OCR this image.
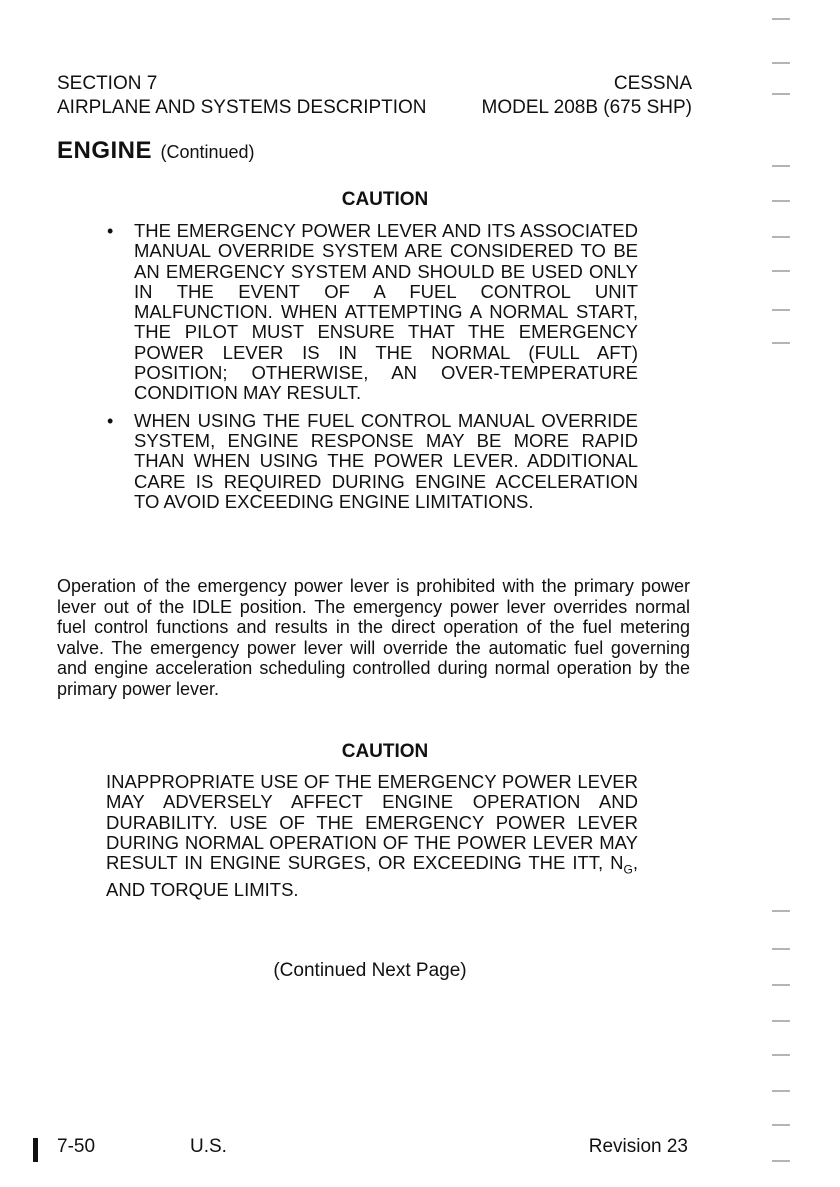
SECTION 7	CESSNA
AIRPLANE AND SYSTEMS DESCRIPTION	MODEL 208B (675 SHP)
ENGINE (Continued)
CAUTION
• THE EMERGENCY POWER LEVER AND ITS ASSOCIATED MANUAL OVERRIDE SYSTEM ARE CONSIDERED TO BE AN EMERGENCY SYSTEM AND SHOULD BE USED ONLY IN THE EVENT OF A FUEL CONTROL UNIT MALFUNCTION. WHEN ATTEMPTING A NORMAL START, THE PILOT MUST ENSURE THAT THE EMERGENCY POWER LEVER IS IN THE NORMAL (FULL AFT) POSITION; OTHERWISE, AN OVER-TEMPERATURE CONDITION MAY RESULT.
• WHEN USING THE FUEL CONTROL MANUAL OVERRIDE SYSTEM, ENGINE RESPONSE MAY BE MORE RAPID THAN WHEN USING THE POWER LEVER. ADDITIONAL CARE IS REQUIRED DURING ENGINE ACCELERATION TO AVOID EXCEEDING ENGINE LIMITATIONS.
Operation of the emergency power lever is prohibited with the primary power lever out of the IDLE position. The emergency power lever overrides normal fuel control functions and results in the direct operation of the fuel metering valve. The emergency power lever will override the automatic fuel governing and engine acceleration scheduling controlled during normal operation by the primary power lever.
CAUTION
INAPPROPRIATE USE OF THE EMERGENCY POWER LEVER MAY ADVERSELY AFFECT ENGINE OPERATION AND DURABILITY. USE OF THE EMERGENCY POWER LEVER DURING NORMAL OPERATION OF THE POWER LEVER MAY RESULT IN ENGINE SURGES, OR EXCEEDING THE ITT, $N_G$, AND TORQUE LIMITS.
(Continued Next Page)
7-50	U.S.	Revision 23
